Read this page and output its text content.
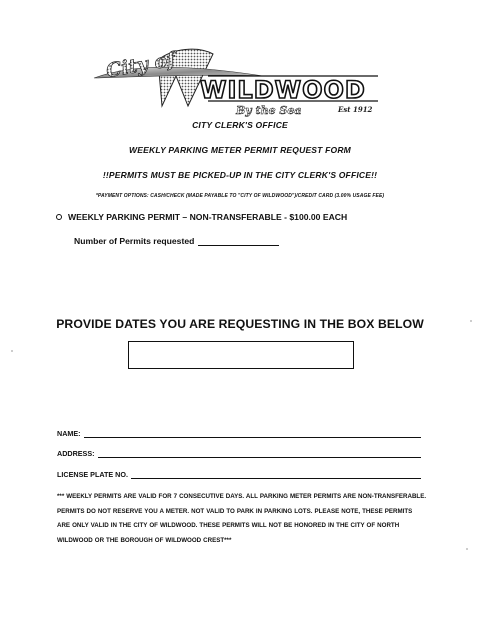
City of
WILDWOOD
By the Sea	Est 1912
CITY CLERK'S OFFICE
WEEKLY PARKING METER PERMIT REQUEST FORM
!!PERMITS MUST BE PICKED-UP IN THE CITY CLERK'S OFFICE!!
*PAYMENT OPTIONS: CASH/CHECK (MADE PAYABLE TO "CITY OF WILDWOOD")/CREDIT CARD (3.00% USAGE FEE)
WEEKLY PARKING PERMIT – NON-TRANSFERABLE - $100.00 EACH
Number of Permits requested
PROVIDE DATES YOU ARE REQUESTING IN THE BOX BELOW
NAME:
ADDRESS:
LICENSE PLATE NO.
*** WEEKLY PERMITS ARE VALID FOR 7 CONSECUTIVE DAYS. ALL PARKING METER PERMITS ARE NON-TRANSFERABLE. PERMITS DO NOT RESERVE YOU A METER. NOT VALID TO PARK IN PARKING LOTS. PLEASE NOTE, THESE PERMITS ARE ONLY VALID IN THE CITY OF WILDWOOD. THESE PERMITS WILL NOT BE HONORED IN THE CITY OF NORTH WILDWOOD OR THE BOROUGH OF WILDWOOD CREST***
